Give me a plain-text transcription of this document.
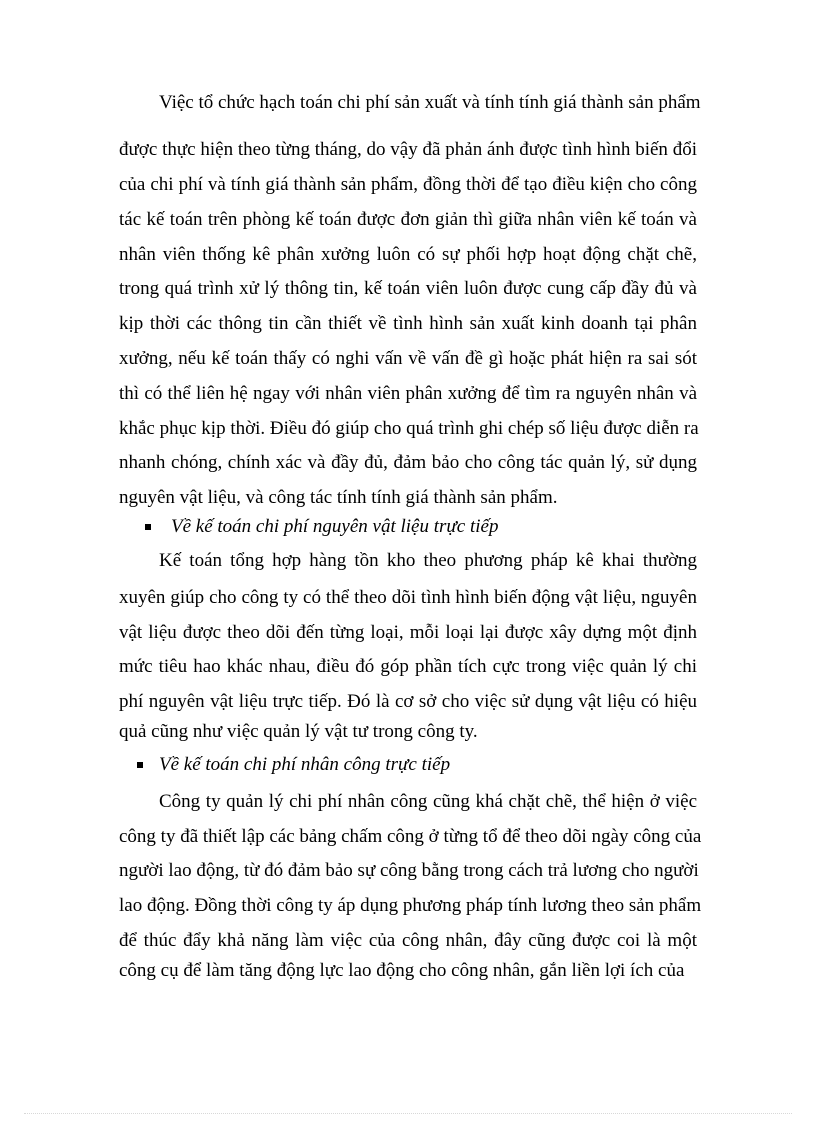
Việc tổ chức hạch toán chi phí sản xuất và tính tính giá thành sản phẩm
được thực hiện theo từng tháng, do vậy đã phản ánh được tình hình biến đổi
của chi phí và tính giá thành sản phẩm, đồng thời để tạo điều kiện cho công
tác kế toán trên phòng kế toán được đơn giản thì giữa nhân viên kế toán và
nhân viên thống kê phân xưởng luôn có sự phối hợp hoạt động chặt chẽ,
trong quá trình xử lý thông tin, kế toán viên luôn được cung cấp đầy đủ và
kịp thời các thông tin cần thiết về tình hình sản xuất kinh doanh tại phân
xưởng, nếu kế toán thấy có nghi vấn về vấn đề gì hoặc phát hiện ra sai sót
thì có thể liên hệ ngay với nhân viên phân xưởng để tìm ra nguyên nhân và
khắc phục kịp thời. Điều đó giúp cho quá trình ghi chép số liệu được diễn ra
nhanh chóng, chính xác và đầy đủ, đảm bảo cho công tác quản lý, sử dụng
nguyên vật liệu, và công tác tính tính giá thành sản phẩm.
Về kế toán chi phí nguyên vật liệu trực tiếp
Kế toán tổng hợp hàng tồn kho theo phương pháp kê khai thường
xuyên giúp cho công ty có thể theo dõi tình hình biến động vật liệu, nguyên
vật liệu được theo dõi đến từng loại, mỗi loại lại được xây dựng một định
mức tiêu hao khác nhau, điều đó góp phần tích cực trong việc quản lý chi
phí nguyên vật liệu trực tiếp. Đó là cơ sở cho việc sử dụng vật liệu có hiệu
quả cũng như việc quản lý vật tư trong công ty.
Về kế toán chi phí nhân công trực tiếp
Công ty quản lý chi phí nhân công cũng khá chặt chẽ, thể hiện ở việc
công ty đã thiết lập các bảng chấm công ở từng tổ để theo dõi ngày công của
người lao động, từ đó đảm bảo sự công bằng trong cách trả lương cho người
lao động. Đồng thời công ty áp dụng phương pháp tính lương theo sản phẩm
để thúc đẩy khả năng làm việc của công nhân, đây cũng được coi là một
công cụ để làm tăng động lực lao động cho công nhân, gắn liền lợi ích của
